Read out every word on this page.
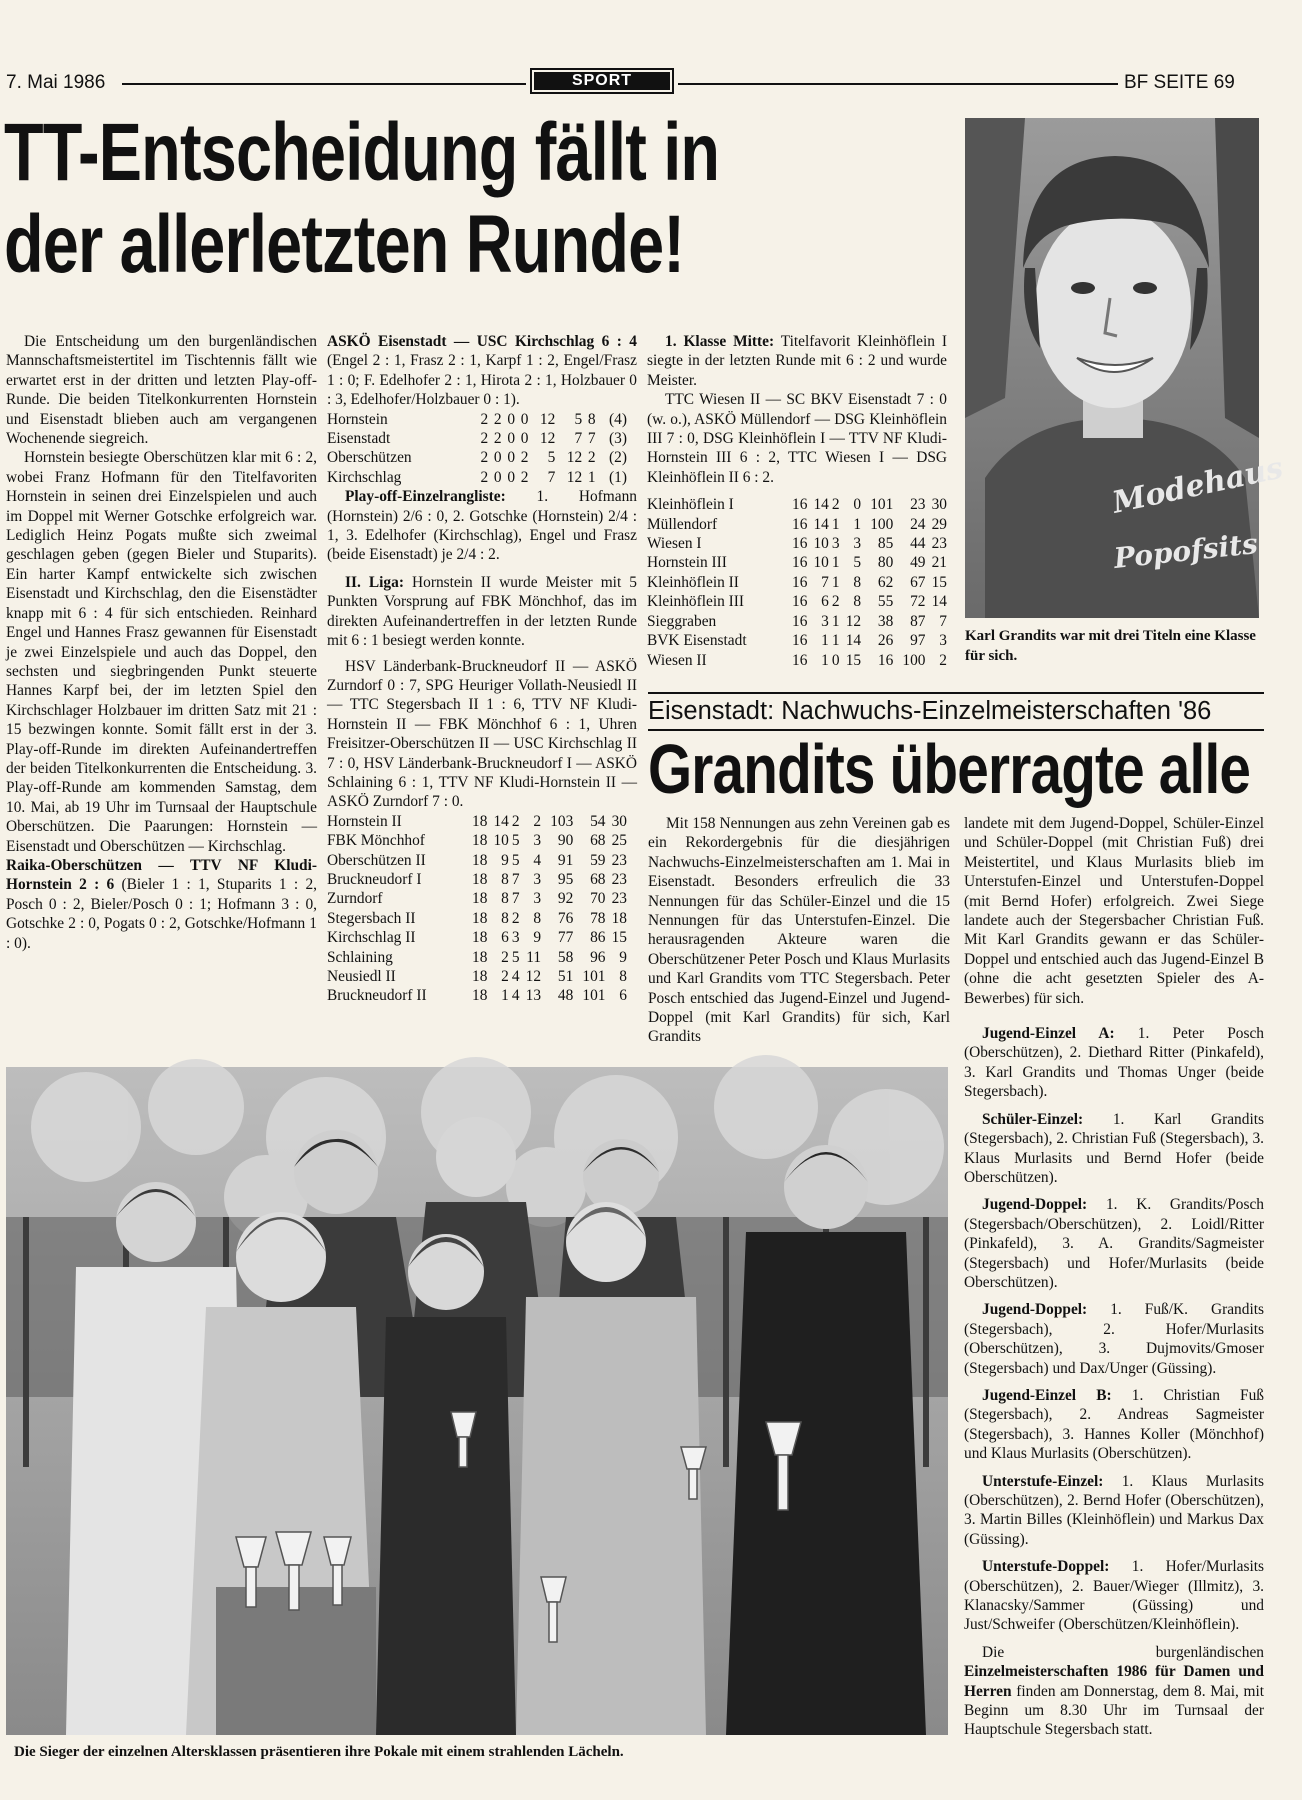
7. Mai 1986	SPORT	BF SEITE 69
TT-Entscheidung fällt in
der allerletzten Runde!
Modehaus
Popofsits
Karl Grandits war mit drei Titeln eine Klasse für sich.

Die Entscheidung um den burgenländischen Mannschaftsmeistertitel im Tischtennis fällt wie erwartet erst in der dritten und letzten Play-off-Runde. Die beiden Titelkonkurrenten Hornstein und Eisenstadt blieben auch am vergangenen Wochenende siegreich.

Hornstein besiegte Oberschützen klar mit 6 : 2, wobei Franz Hofmann für den Titelfavoriten Hornstein in seinen drei Einzelspielen und auch im Doppel mit Werner Gotschke erfolgreich war. Lediglich Heinz Pogats mußte sich zweimal geschlagen geben (gegen Bieler und Stuparits). Ein harter Kampf entwickelte sich zwischen Eisenstadt und Kirchschlag, den die Eisenstädter knapp mit 6 : 4 für sich entschieden. Reinhard Engel und Hannes Frasz gewannen für Eisenstadt je zwei Einzelspiele und auch das Doppel, den sechsten und siegbringenden Punkt steuerte Hannes Karpf bei, der im letzten Spiel den Kirchschlager Holzbauer im dritten Satz mit 21 : 15 bezwingen konnte. Somit fällt erst in der 3. Play-off-Runde im direkten Aufeinandertreffen der beiden Titelkonkurrenten die Entscheidung. 3. Play-off-Runde am kommenden Samstag, dem 10. Mai, ab 19 Uhr im Turnsaal der Hauptschule Oberschützen. Die Paarungen: Hornstein — Eisenstadt und Oberschützen — Kirchschlag.

Raika-Oberschützen — TTV NF Kludi-Hornstein 2 : 6 (Bieler 1 : 1, Stuparits 1 : 2, Posch 0 : 2, Bieler/Posch 0 : 1; Hofmann 3 : 0, Gotschke 2 : 0, Pogats 0 : 2, Gotschke/Hofmann 1 : 0).

ASKÖ Eisenstadt — USC Kirchschlag 6 : 4 (Engel 2 : 1, Frasz 2 : 1, Karpf 1 : 2, Engel/Frasz 1 : 0; F. Edelhofer 2 : 1, Hirota 2 : 1, Holzbauer 0 : 3, Edelhofer/Holzbauer 0 : 1).

Hornstein	2	2	0	0	12	5	8	(4)
Eisenstadt	2	2	0	0	12	7	7	(3)
Oberschützen	2	0	0	2	5	12	2	(2)
Kirchschlag	2	0	0	2	7	12	1	(1)

Play-off-Einzelrangliste: 1. Hofmann (Hornstein) 2/6 : 0, 2. Gotschke (Hornstein) 2/4 : 1, 3. Edelhofer (Kirchschlag), Engel und Frasz (beide Eisenstadt) je 2/4 : 2.

II. Liga: Hornstein II wurde Meister mit 5 Punkten Vorsprung auf FBK Mönchhof, das im direkten Aufeinandertreffen in der letzten Runde mit 6 : 1 besiegt werden konnte.

HSV Länderbank-Bruckneudorf II — ASKÖ Zurndorf 0 : 7, SPG Heuriger Vollath-Neusiedl II — TTC Stegersbach II 1 : 6, TTV NF Kludi-Hornstein II — FBK Mönchhof 6 : 1, Uhren Freisitzer-Oberschützen II — USC Kirchschlag II 7 : 0, HSV Länderbank-Bruckneudorf I — ASKÖ Schlaining 6 : 1, TTV NF Kludi-Hornstein II — ASKÖ Zurndorf 7 : 0.

Hornstein II	18	14	2	2	103	54	30
FBK Mönchhof	18	10	5	3	90	68	25
Oberschützen II	18	9	5	4	91	59	23
Bruckneudorf I	18	8	7	3	95	68	23
Zurndorf	18	8	7	3	92	70	23
Stegersbach II	18	8	2	8	76	78	18
Kirchschlag II	18	6	3	9	77	86	15
Schlaining	18	2	5	11	58	96	9
Neusiedl II	18	2	4	12	51	101	8
Bruckneudorf II	18	1	4	13	48	101	6

1. Klasse Mitte: Titelfavorit Kleinhöflein I siegte in der letzten Runde mit 6 : 2 und wurde Meister.

TTC Wiesen II — SC BKV Eisenstadt 7 : 0 (w. o.), ASKÖ Müllendorf — DSG Kleinhöflein III 7 : 0, DSG Kleinhöflein I — TTV NF Kludi-Hornstein III 6 : 2, TTC Wiesen I — DSG Kleinhöflein II 6 : 2.

Kleinhöflein I	16	14	2	0	101	23	30
Müllendorf	16	14	1	1	100	24	29
Wiesen I	16	10	3	3	85	44	23
Hornstein III	16	10	1	5	80	49	21
Kleinhöflein II	16	7	1	8	62	67	15
Kleinhöflein III	16	6	2	8	55	72	14
Sieggraben	16	3	1	12	38	87	7
BVK Eisenstadt	16	1	1	14	26	97	3
Wiesen II	16	1	0	15	16	100	2
Eisenstadt: Nachwuchs-Einzelmeisterschaften '86
Grandits überragte alle

Mit 158 Nennungen aus zehn Vereinen gab es ein Rekordergebnis für die diesjährigen Nachwuchs-Einzelmeisterschaften am 1. Mai in Eisenstadt. Besonders erfreulich die 33 Nennungen für das Schüler-Einzel und die 15 Nennungen für das Unterstufen-Einzel. Die herausragenden Akteure waren die Oberschützener Peter Posch und Klaus Murlasits und Karl Grandits vom TTC Stegersbach. Peter Posch entschied das Jugend-Einzel und Jugend-Doppel (mit Karl Grandits) für sich, Karl Grandits

landete mit dem Jugend-Doppel, Schüler-Einzel und Schüler-Doppel (mit Christian Fuß) drei Meistertitel, und Klaus Murlasits blieb im Unterstufen-Einzel und Unterstufen-Doppel (mit Bernd Hofer) erfolgreich. Zwei Siege landete auch der Stegersbacher Christian Fuß. Mit Karl Grandits gewann er das Schüler-Doppel und entschied auch das Jugend-Einzel B (ohne die acht gesetzten Spieler des A-Bewerbes) für sich.

Jugend-Einzel A: 1. Peter Posch (Oberschützen), 2. Diethard Ritter (Pinkafeld), 3. Karl Grandits und Thomas Unger (beide Stegersbach).

Schüler-Einzel: 1. Karl Grandits (Stegersbach), 2. Christian Fuß (Stegersbach), 3. Klaus Murlasits und Bernd Hofer (beide Oberschützen).

Jugend-Doppel: 1. K. Grandits/Posch (Stegersbach/Oberschützen), 2. Loidl/Ritter (Pinkafeld), 3. A. Grandits/Sagmeister (Stegersbach) und Hofer/Murlasits (beide Oberschützen).

Jugend-Doppel: 1. Fuß/K. Grandits (Stegersbach), 2. Hofer/Murlasits (Oberschützen), 3. Dujmovits/Gmoser (Stegersbach) und Dax/Unger (Güssing).

Jugend-Einzel B: 1. Christian Fuß (Stegersbach), 2. Andreas Sagmeister (Stegersbach), 3. Hannes Koller (Mönchhof) und Klaus Murlasits (Oberschützen).

Unterstufe-Einzel: 1. Klaus Murlasits (Oberschützen), 2. Bernd Hofer (Oberschützen), 3. Martin Billes (Kleinhöflein) und Markus Dax (Güssing).

Unterstufe-Doppel: 1. Hofer/Murlasits (Oberschützen), 2. Bauer/Wieger (Illmitz), 3. Klanacsky/Sammer (Güssing) und Just/Schweifer (Oberschützen/Kleinhöflein).

Die burgenländischen Einzelmeisterschaften 1986 für Damen und Herren finden am Donnerstag, dem 8. Mai, mit Beginn um 8.30 Uhr im Turnsaal der Hauptschule Stegersbach statt.

Die Sieger der einzelnen Altersklassen präsentieren ihre Pokale mit einem strahlenden Lächeln.
